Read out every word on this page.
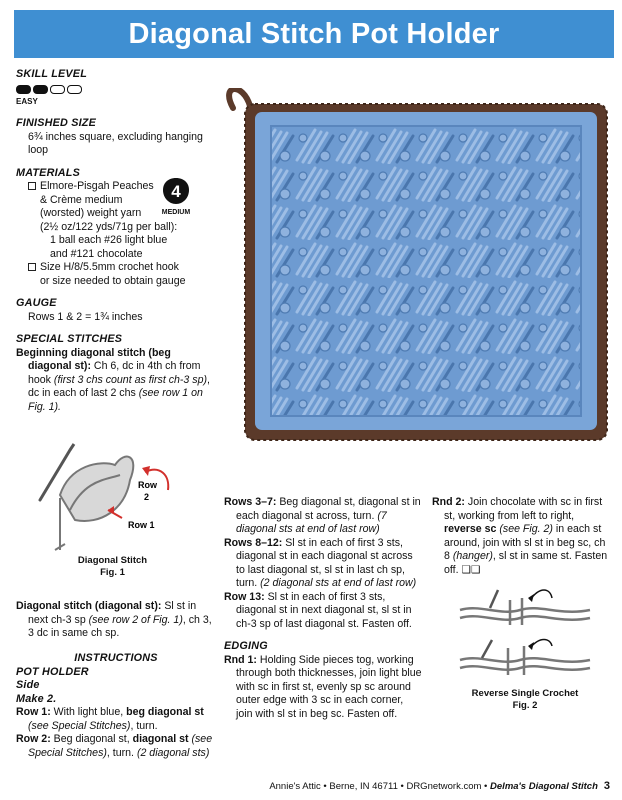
Diagonal Stitch Pot Holder
SKILL LEVEL
EASY
FINISHED SIZE
6¾ inches square, excluding hanging loop
MATERIALS
Elmore-Pisgah Peaches
& Crème medium
(worsted) weight yarn
(2½ oz/122 yds/71g per ball):
1 ball each #26 light blue
and #121 chocolate
Size H/8/5.5mm crochet hook
or size needed to obtain gauge
GAUGE
Rows 1 & 2 = 1¾ inches
SPECIAL STITCHES
Beginning diagonal stitch (beg diagonal st): Ch 6, dc in 4th ch from hook (first 3 chs count as first ch-3 sp), dc in each of last 2 chs (see row 1 on Fig. 1).
4
MEDIUM
Row
2
Row 1
Diagonal Stitch
Fig. 1
Diagonal stitch (diagonal st): Sl st in next ch-3 sp (see row 2 of Fig. 1), ch 3, 3 dc in same ch sp.
INSTRUCTIONS
POT HOLDER
Side
Make 2.
Row 1: With light blue, beg diagonal st (see Special Stitches), turn.
Row 2: Beg diagonal st, diagonal st (see Special Stitches), turn. (2 diagonal sts)
Rows 3–7: Beg diagonal st, diagonal st in each diagonal st across, turn. (7 diagonal sts at end of last row)
Rows 8–12: Sl st in each of first 3 sts, diagonal st in each diagonal st across to last diagonal st, sl st in last ch sp, turn. (2 diagonal sts at end of last row)
Row 13: Sl st in each of first 3 sts, diagonal st in next diagonal st, sl st in ch-3 sp of last diagonal st. Fasten off.
EDGING
Rnd 1: Holding Side pieces tog, working through both thicknesses, join light blue with sc in first st, evenly sp sc around outer edge with 3 sc in each corner, join with sl st in beg sc. Fasten off.
Rnd 2: Join chocolate with sc in first st, working from left to right, reverse sc (see Fig. 2) in each st around, join with sl st in beg sc, ch 8 (hanger), sl st in same st. Fasten off. ❑❑
Reverse Single Crochet
Fig. 2
Annie's Attic • Berne, IN 46711 • DRGnetwork.com • Delma's Diagonal Stitch 3
